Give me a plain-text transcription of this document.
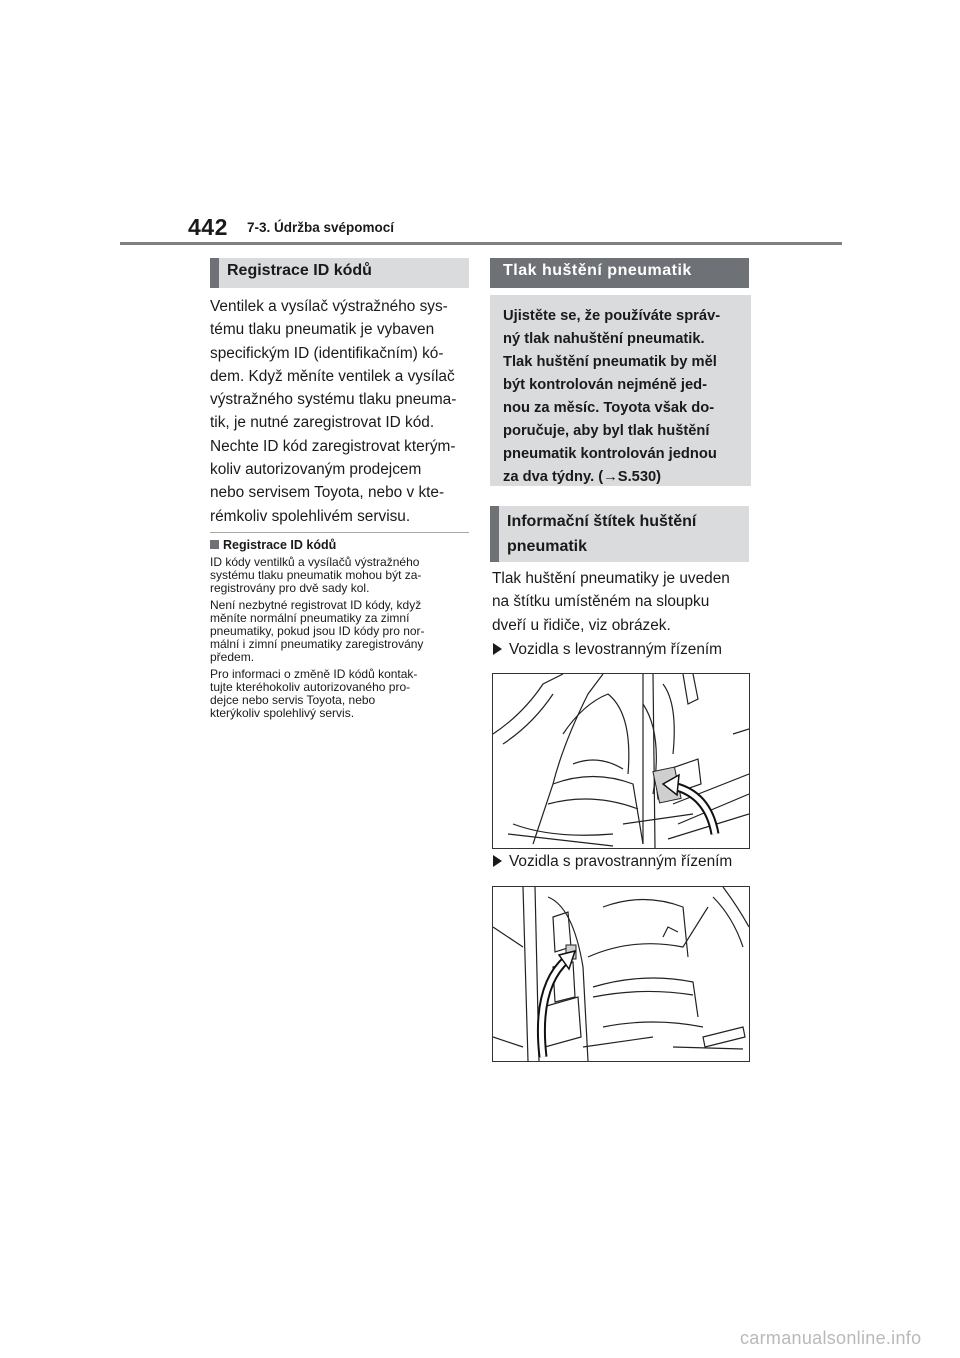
442 7-3. Údržba svépomocí
Registrace ID kódů
Ventilek a vysílač výstražného sys-
tému tlaku pneumatik je vybaven
specifickým ID (identifikačním) kó-
dem. Když měníte ventilek a vysílač
výstražného systému tlaku pneuma-
tik, je nutné zaregistrovat ID kód.
Nechte ID kód zaregistrovat kterým-
koliv autorizovaným prodejcem
nebo servisem Toyota, nebo v kte-
rémkoliv spolehlivém servisu.
Registrace ID kódů

ID kódy ventilků a vysílačů výstražného
systému tlaku pneumatik mohou být za-
registrovány pro dvě sady kol.

Není nezbytné registrovat ID kódy, když
měníte normální pneumatiky za zimní
pneumatiky, pokud jsou ID kódy pro nor-
mální i zimní pneumatiky zaregistrovány
předem.

Pro informaci o změně ID kódů kontak-
tujte kteréhokoliv autorizovaného pro-
dejce nebo servis Toyota, nebo
kterýkoliv spolehlivý servis.

Tlak huštění pneumatik
Ujistěte se, že používáte správ-
ný tlak nahuštění pneumatik.
Tlak huštění pneumatik by měl
být kontrolován nejméně jed-
nou za měsíc. Toyota však do-
poručuje, aby byl tlak huštění
pneumatik kontrolován jednou
za dva týdny. (→S.530)
Informační štítek huštění
pneumatik
Tlak huštění pneumatiky je uveden
na štítku umístěném na sloupku
dveří u řidiče, viz obrázek.
Vozidla s levostranným řízením
Vozidla s pravostranným řízením
carmanualsonline.info
